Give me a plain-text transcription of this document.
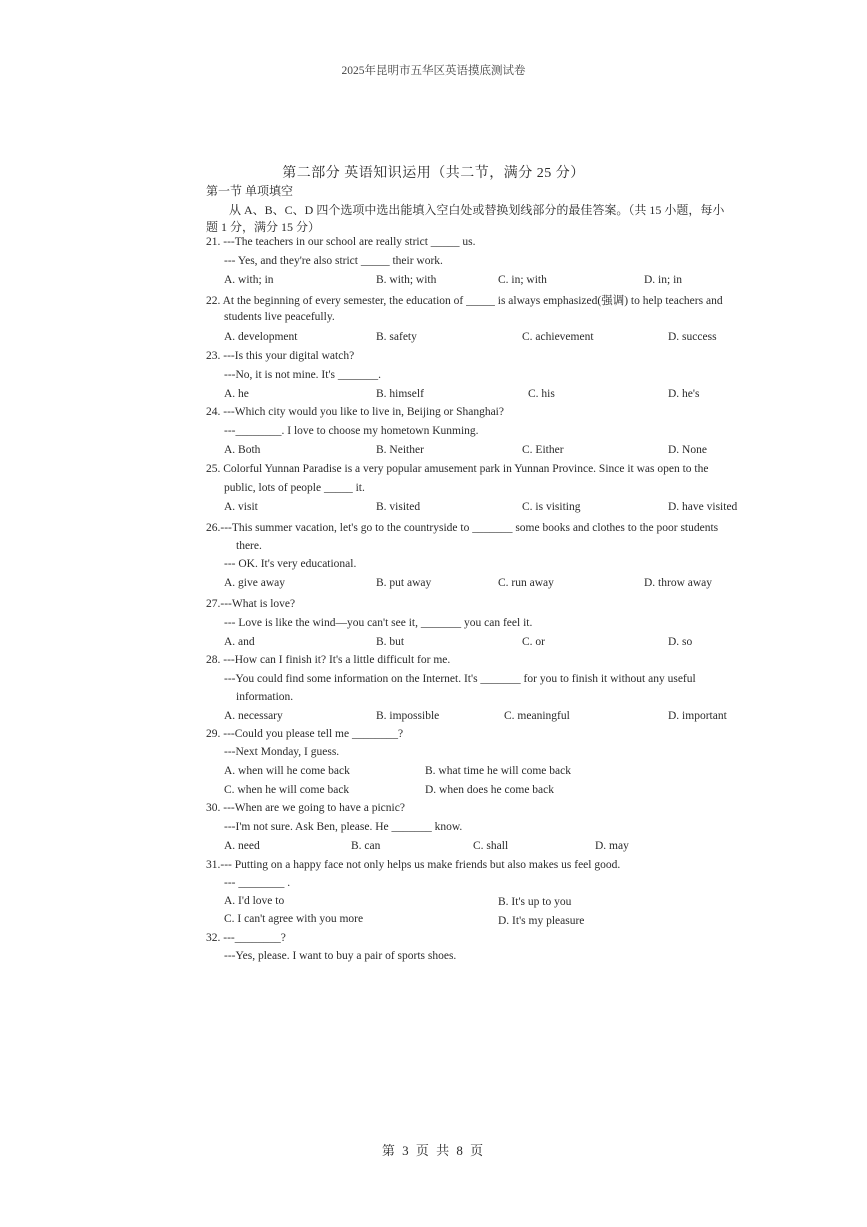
2025年昆明市五华区英语摸底测试卷
第二部分 英语知识运用（共二节，满分 25 分）
第一节 单项填空
从 A、B、C、D 四个选项中选出能填入空白处或替换划线部分的最佳答案。（共 15 小题，每小
题 1 分，满分 15 分）
21. ---The teachers in our school are really strict _____ us.
--- Yes, and they're also strict _____ their work.
A. with; in	B. with; with	C. in; with	D. in; in
22. At the beginning of every semester, the education of _____ is always emphasized(强调) to help teachers and
students live peacefully.
A. development	B. safety	C. achievement	D. success
23. ---Is this your digital watch?
---No, it is not mine. It's _______.
A. he	B. himself	C. his	D. he's
24. ---Which city would you like to live in, Beijing or Shanghai?
---________. I love to choose my hometown Kunming.
A. Both	B. Neither	C. Either	D. None
25. Colorful Yunnan Paradise is a very popular amusement park in Yunnan Province. Since it was open to the
public, lots of people _____ it.
A. visit	B. visited	C. is visiting	D. have visited
26.---This summer vacation, let's go to the countryside to _______ some books and clothes to the poor students
there.
--- OK. It's very educational.
A. give away	B. put away	C. run away	D. throw away
27.---What is love?
--- Love is like the wind—you can't see it, _______ you can feel it.
A. and	B. but	C. or	D. so
28. ---How can I finish it? It's a little difficult for me.
---You could find some information on the Internet. It's _______ for you to finish it without any useful
information.
A. necessary	B. impossible	C. meaningful	D. important
29. ---Could you please tell me ________?
---Next Monday, I guess.
A. when will he come back	B. what time he will come back
C. when he will come back	D. when does he come back
30. ---When are we going to have a picnic?
---I'm not sure. Ask Ben, please. He _______ know.
A. need	B. can	C. shall	D. may
31.--- Putting on a happy face not only helps us make friends but also makes us feel good.
--- ________ .
A. I'd love to	B. It's up to you
C. I can't agree with you more	D. It's my pleasure
32. ---________?
---Yes, please. I want to buy a pair of sports shoes.
第 3 页 共 8 页
